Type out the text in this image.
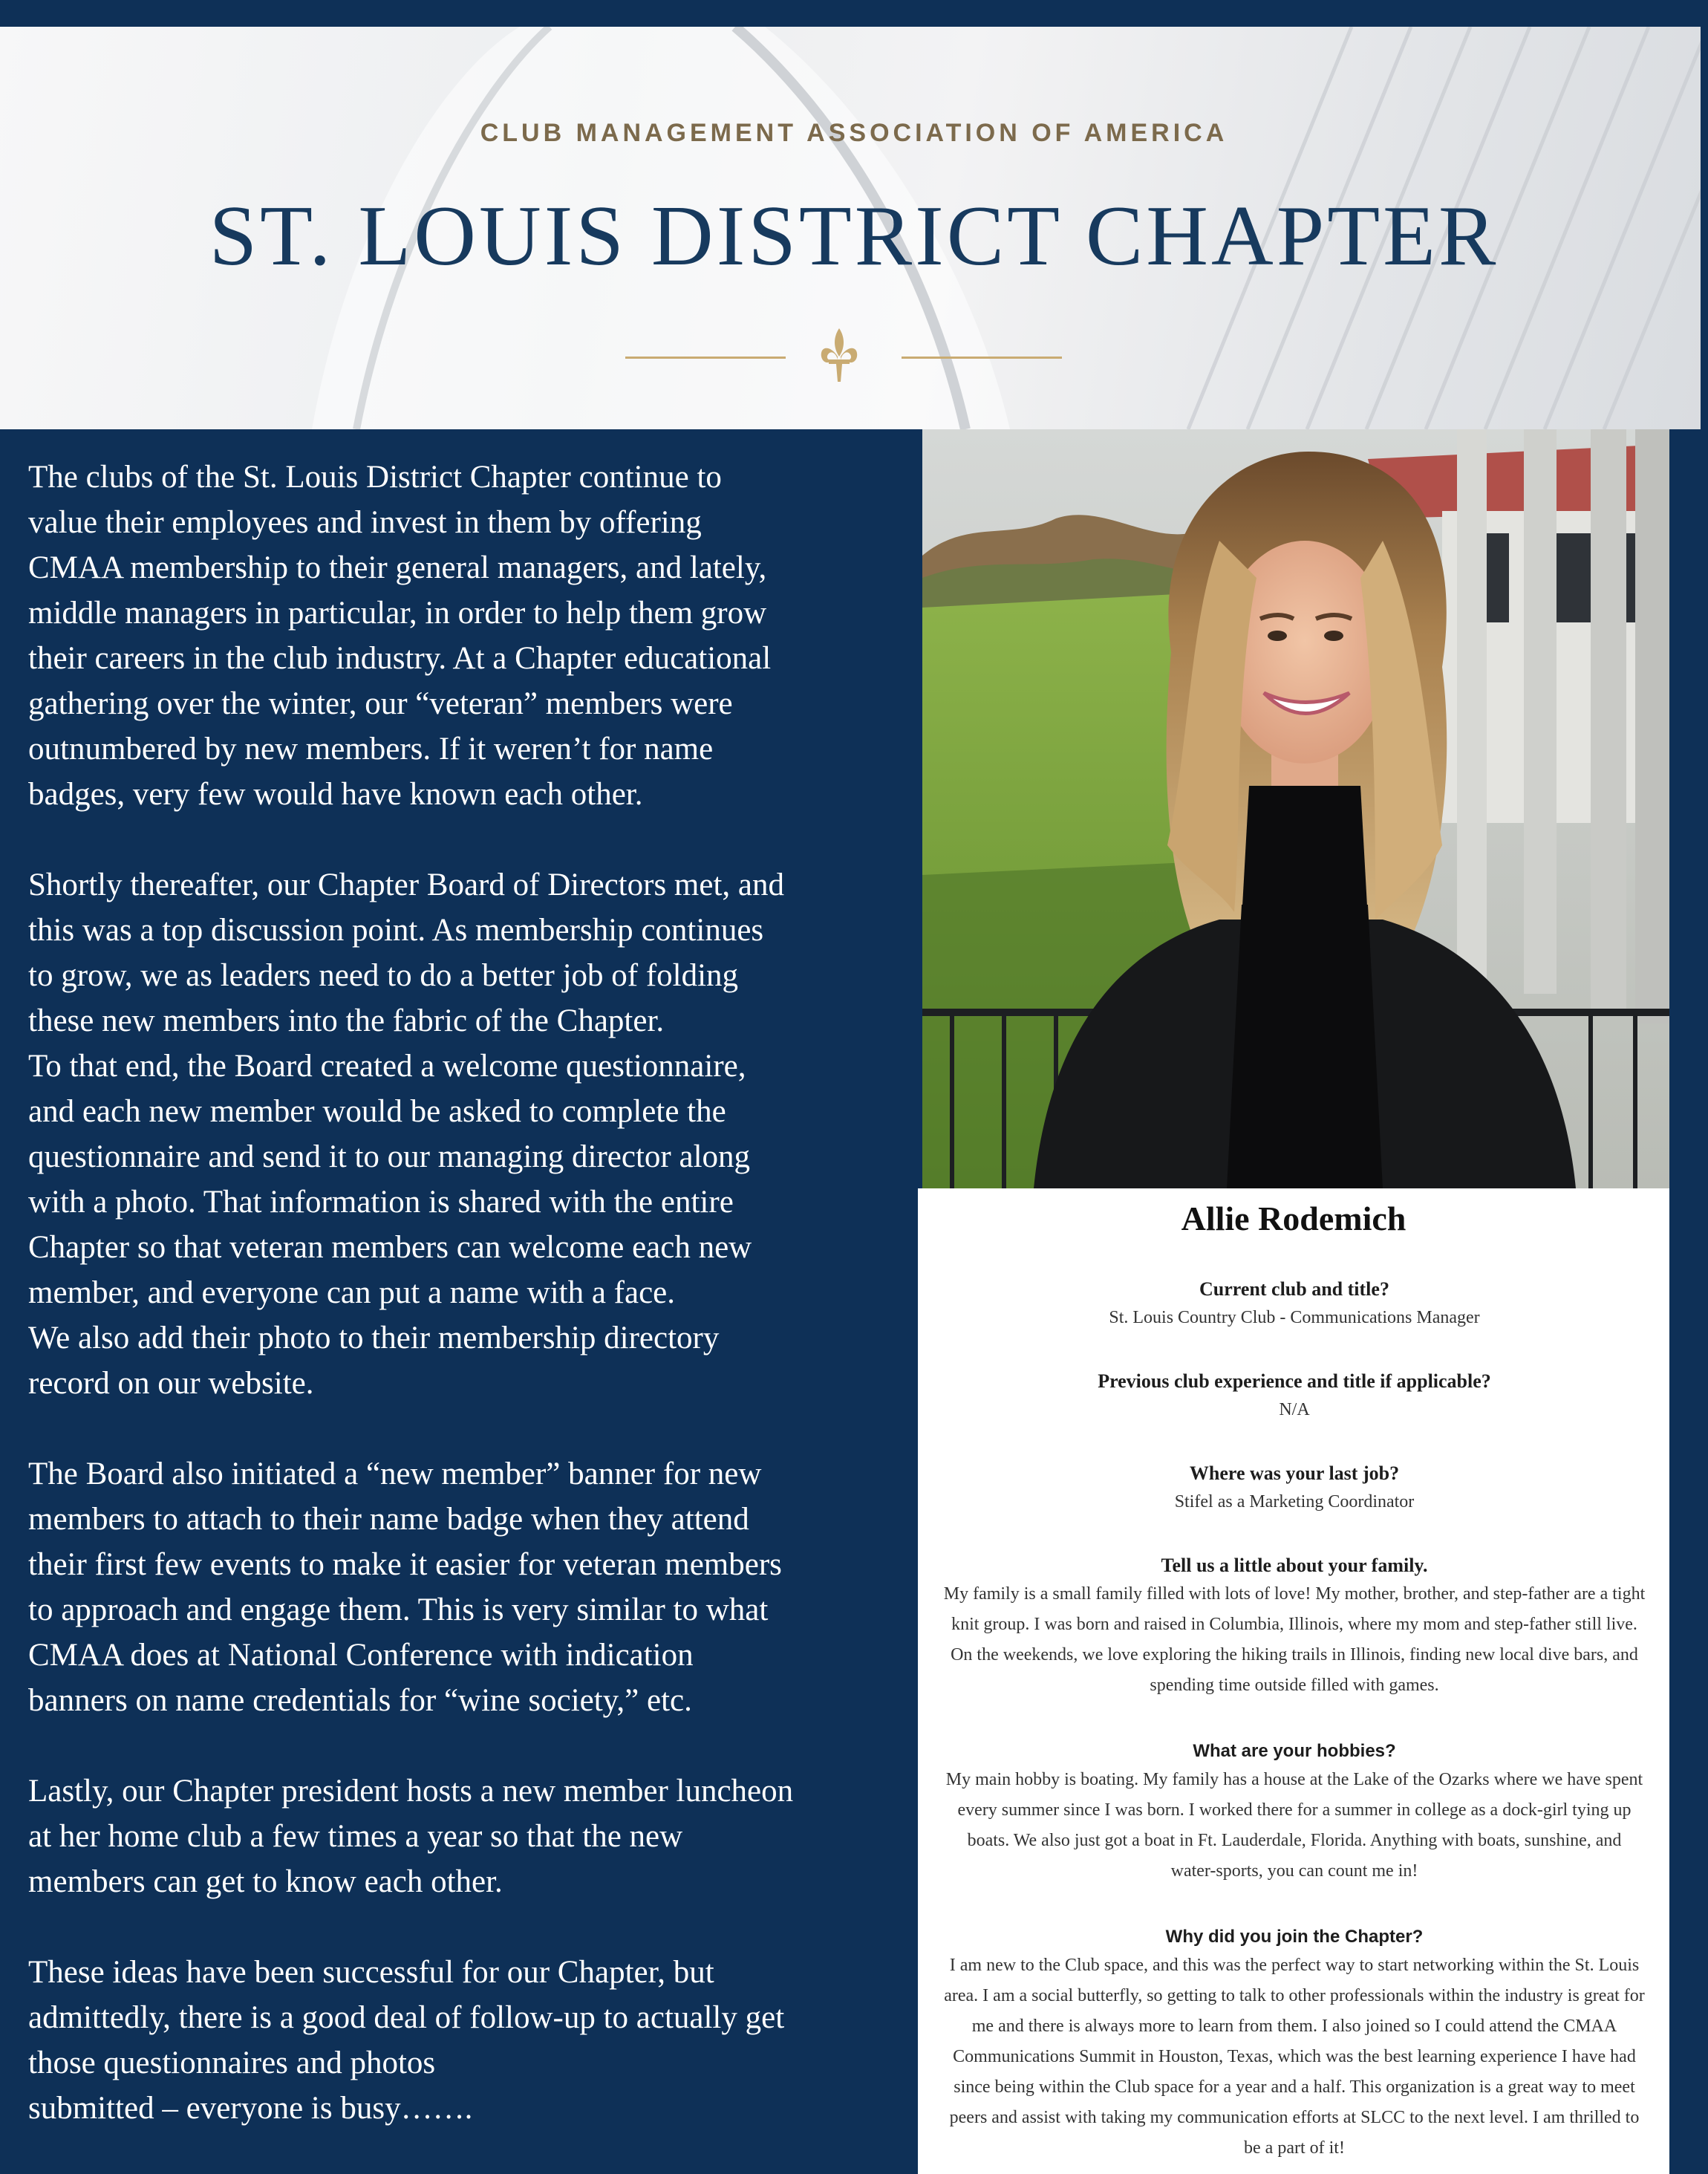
CLUB MANAGEMENT ASSOCIATION OF AMERICA
ST. LOUIS DISTRICT CHAPTER
The clubs of the St. Louis District Chapter continue to
value their employees and invest in them by offering
CMAA membership to their general managers, and lately,
middle managers in particular, in order to help them grow
their careers in the club industry. At a Chapter educational
gathering over the winter, our “veteran” members were
outnumbered by new members. If it weren’t for name
badges, very few would have known each other.
Shortly thereafter, our Chapter Board of Directors met, and
this was a top discussion point. As membership continues
to grow, we as leaders need to do a better job of folding
these new members into the fabric of the Chapter.
To that end, the Board created a welcome questionnaire,
and each new member would be asked to complete the
questionnaire and send it to our managing director along
with a photo. That information is shared with the entire
Chapter so that veteran members can welcome each new
member, and everyone can put a name with a face.
We also add their photo to their membership directory
record on our website.
The Board also initiated a “new member” banner for new
members to attach to their name badge when they attend
their first few events to make it easier for veteran members
to approach and engage them. This is very similar to what
CMAA does at National Conference with indication
banners on name credentials for “wine society,” etc.
Lastly, our Chapter president hosts a new member luncheon
at her home club a few times a year so that the new
members can get to know each other.
These ideas have been successful for our Chapter, but
admittedly, there is a good deal of follow-up to actually get
those questionnaires and photos
submitted – everyone is busy…….
Allie Rodemich
Current club and title?
St. Louis Country Club - Communications Manager
Previous club experience and title if applicable?
N/A
Where was your last job?
Stifel as a Marketing Coordinator
Tell us a little about your family.
My family is a small family filled with lots of love! My mother, brother, and step-father are a tight
knit group. I was born and raised in Columbia, Illinois, where my mom and step-father still live.
On the weekends, we love exploring the hiking trails in Illinois, finding new local dive bars, and
spending time outside filled with games.
What are your hobbies?
My main hobby is boating. My family has a house at the Lake of the Ozarks where we have spent
every summer since I was born. I worked there for a summer in college as a dock-girl tying up
boats. We also just got a boat in Ft. Lauderdale, Florida. Anything with boats, sunshine, and
water-sports, you can count me in!
Why did you join the Chapter?
I am new to the Club space, and this was the perfect way to start networking within the St. Louis
area. I am a social butterfly, so getting to talk to other professionals within the industry is great for
me and there is always more to learn from them. I also joined so I could attend the CMAA
Communications Summit in Houston, Texas, which was the best learning experience I have had
since being within the Club space for a year and a half. This organization is a great way to meet
peers and assist with taking my communication efforts at SLCC to the next level. I am thrilled to
be a part of it!
